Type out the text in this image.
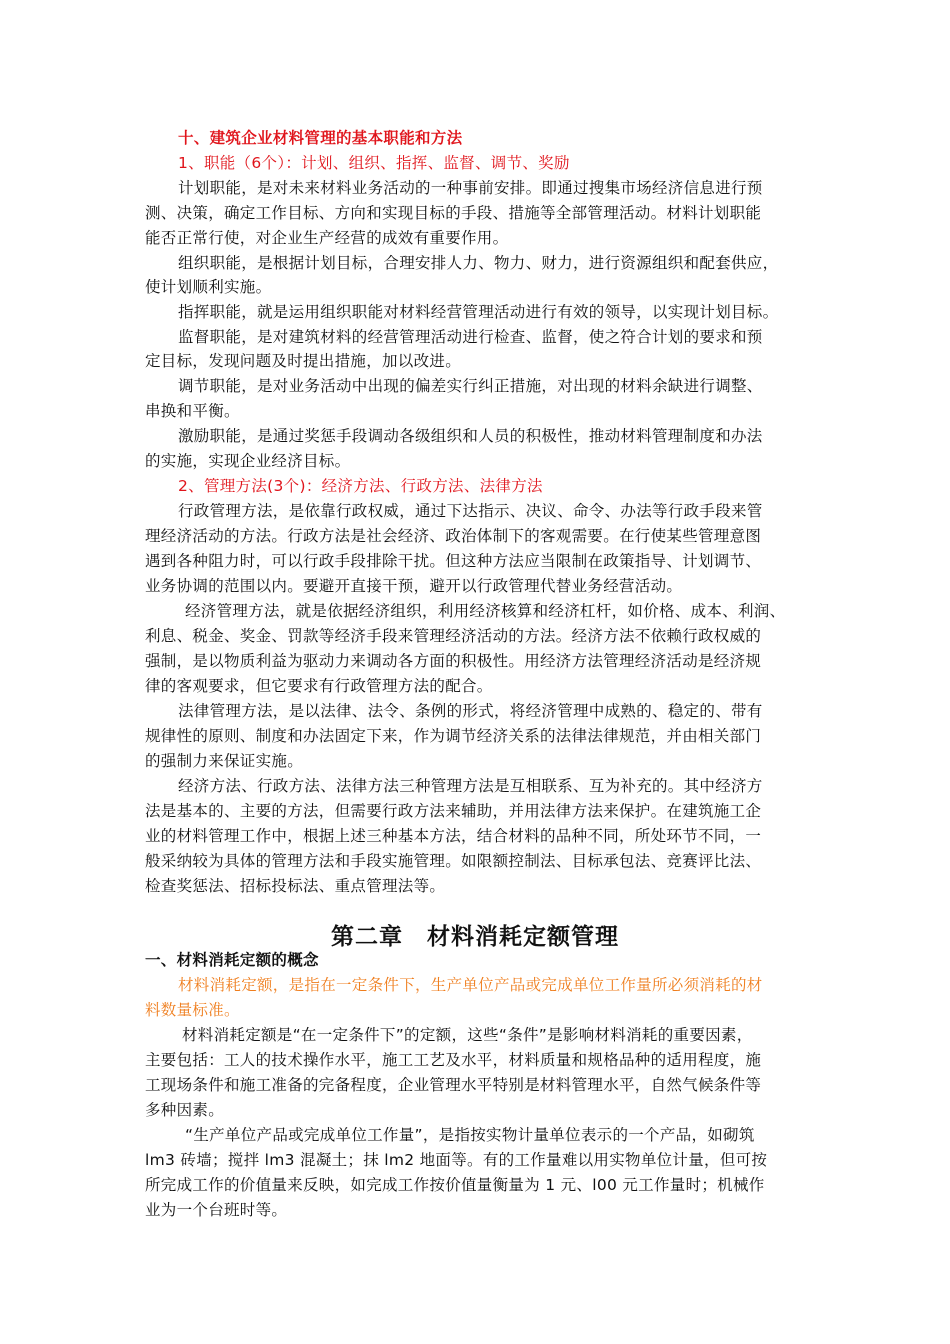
十、建筑企业材料管理的基本职能和方法
1、职能（6个）：计划、组织、指挥、监督、调节、奖励
计划职能，是对未来材料业务活动的一种事前安排。即通过搜集市场经济信息进行预
测、决策，确定工作目标、方向和实现目标的手段、措施等全部管理活动。材料计划职能
能否正常行使，对企业生产经营的成效有重要作用。
组织职能，是根据计划目标，合理安排人力、物力、财力，进行资源组织和配套供应，
使计划顺利实施。
指挥职能，就是运用组织职能对材料经营管理活动进行有效的领导，以实现计划目标。
监督职能，是对建筑材料的经营管理活动进行检查、监督，使之符合计划的要求和预
定目标，发现问题及时提出措施，加以改进。
调节职能，是对业务活动中出现的偏差实行纠正措施，对出现的材料余缺进行调整、
串换和平衡。
激励职能，是通过奖惩手段调动各级组织和人员的积极性，推动材料管理制度和办法
的实施，实现企业经济目标。
2、管理方法(3个)：经济方法、行政方法、法律方法
行政管理方法，是依靠行政权威，通过下达指示、决议、命令、办法等行政手段来管
理经济活动的方法。行政方法是社会经济、政治体制下的客观需要。在行使某些管理意图
遇到各种阻力时，可以行政手段排除干扰。但这种方法应当限制在政策指导、计划调节、
业务协调的范围以内。要避开直接干预，避开以行政管理代替业务经营活动。
经济管理方法，就是依据经济组织，利用经济核算和经济杠杆，如价格、成本、利润、
利息、税金、奖金、罚款等经济手段来管理经济活动的方法。经济方法不依赖行政权威的
强制，是以物质利益为驱动力来调动各方面的积极性。用经济方法管理经济活动是经济规
律的客观要求，但它要求有行政管理方法的配合。
法律管理方法，是以法律、法令、条例的形式，将经济管理中成熟的、稳定的、带有
规律性的原则、制度和办法固定下来，作为调节经济关系的法律法律规范，并由相关部门
的强制力来保证实施。
经济方法、行政方法、法律方法三种管理方法是互相联系、互为补充的。其中经济方
法是基本的、主要的方法，但需要行政方法来辅助，并用法律方法来保护。在建筑施工企
业的材料管理工作中，根据上述三种基本方法，结合材料的品种不同，所处环节不同，一
般采纳较为具体的管理方法和手段实施管理。如限额控制法、目标承包法、竞赛评比法、
检查奖惩法、招标投标法、重点管理法等。
第二章　材料消耗定额管理
一、材料消耗定额的概念
材料消耗定额，是指在一定条件下，生产单位产品或完成单位工作量所必须消耗的材
料数量标准。
材料消耗定额是“在一定条件下”的定额，这些“条件”是影响材料消耗的重要因素，
主要包括：工人的技术操作水平，施工工艺及水平，材料质量和规格品种的适用程度，施
工现场条件和施工准备的完备程度，企业管理水平特别是材料管理水平，自然气候条件等
多种因素。
“生产单位产品或完成单位工作量”，是指按实物计量单位表示的一个产品，如砌筑
lm3 砖墙；搅拌 lm3 混凝土；抹 lm2 地面等。有的工作量难以用实物单位计量，但可按
所完成工作的价值量来反映，如完成工作按价值量衡量为 1 元、l00 元工作量时；机械作
业为一个台班时等。
